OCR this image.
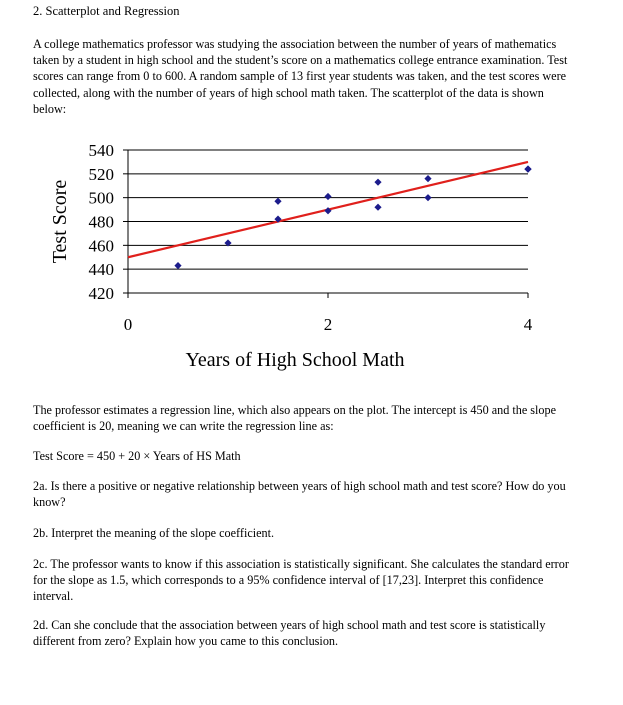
2. Scatterplot and Regression
A college mathematics professor was studying the association between the number of years of mathematics taken by a student in high school and the student’s score on a mathematics college entrance examination. Test scores can range from 0 to 600. A random sample of 13 first year students was taken, and the test scores were collected, along with the number of years of high school math taken. The scatterplot of the data is shown below:
420
440
460
480
500
520
540
0	2	4
Years of High School Math
Test Score
The professor estimates a regression line, which also appears on the plot. The intercept is 450 and the slope coefficient is 20, meaning we can write the regression line as:
Test Score = 450 + 20 × Years of HS Math
2a. Is there a positive or negative relationship between years of high school math and test score? How do you know?
2b. Interpret the meaning of the slope coefficient.
2c. The professor wants to know if this association is statistically significant. She calculates the standard error for the slope as 1.5, which corresponds to a 95% confidence interval of [17,23]. Interpret this confidence interval.
2d. Can she conclude that the association between years of high school math and test score is statistically different from zero? Explain how you came to this conclusion.
